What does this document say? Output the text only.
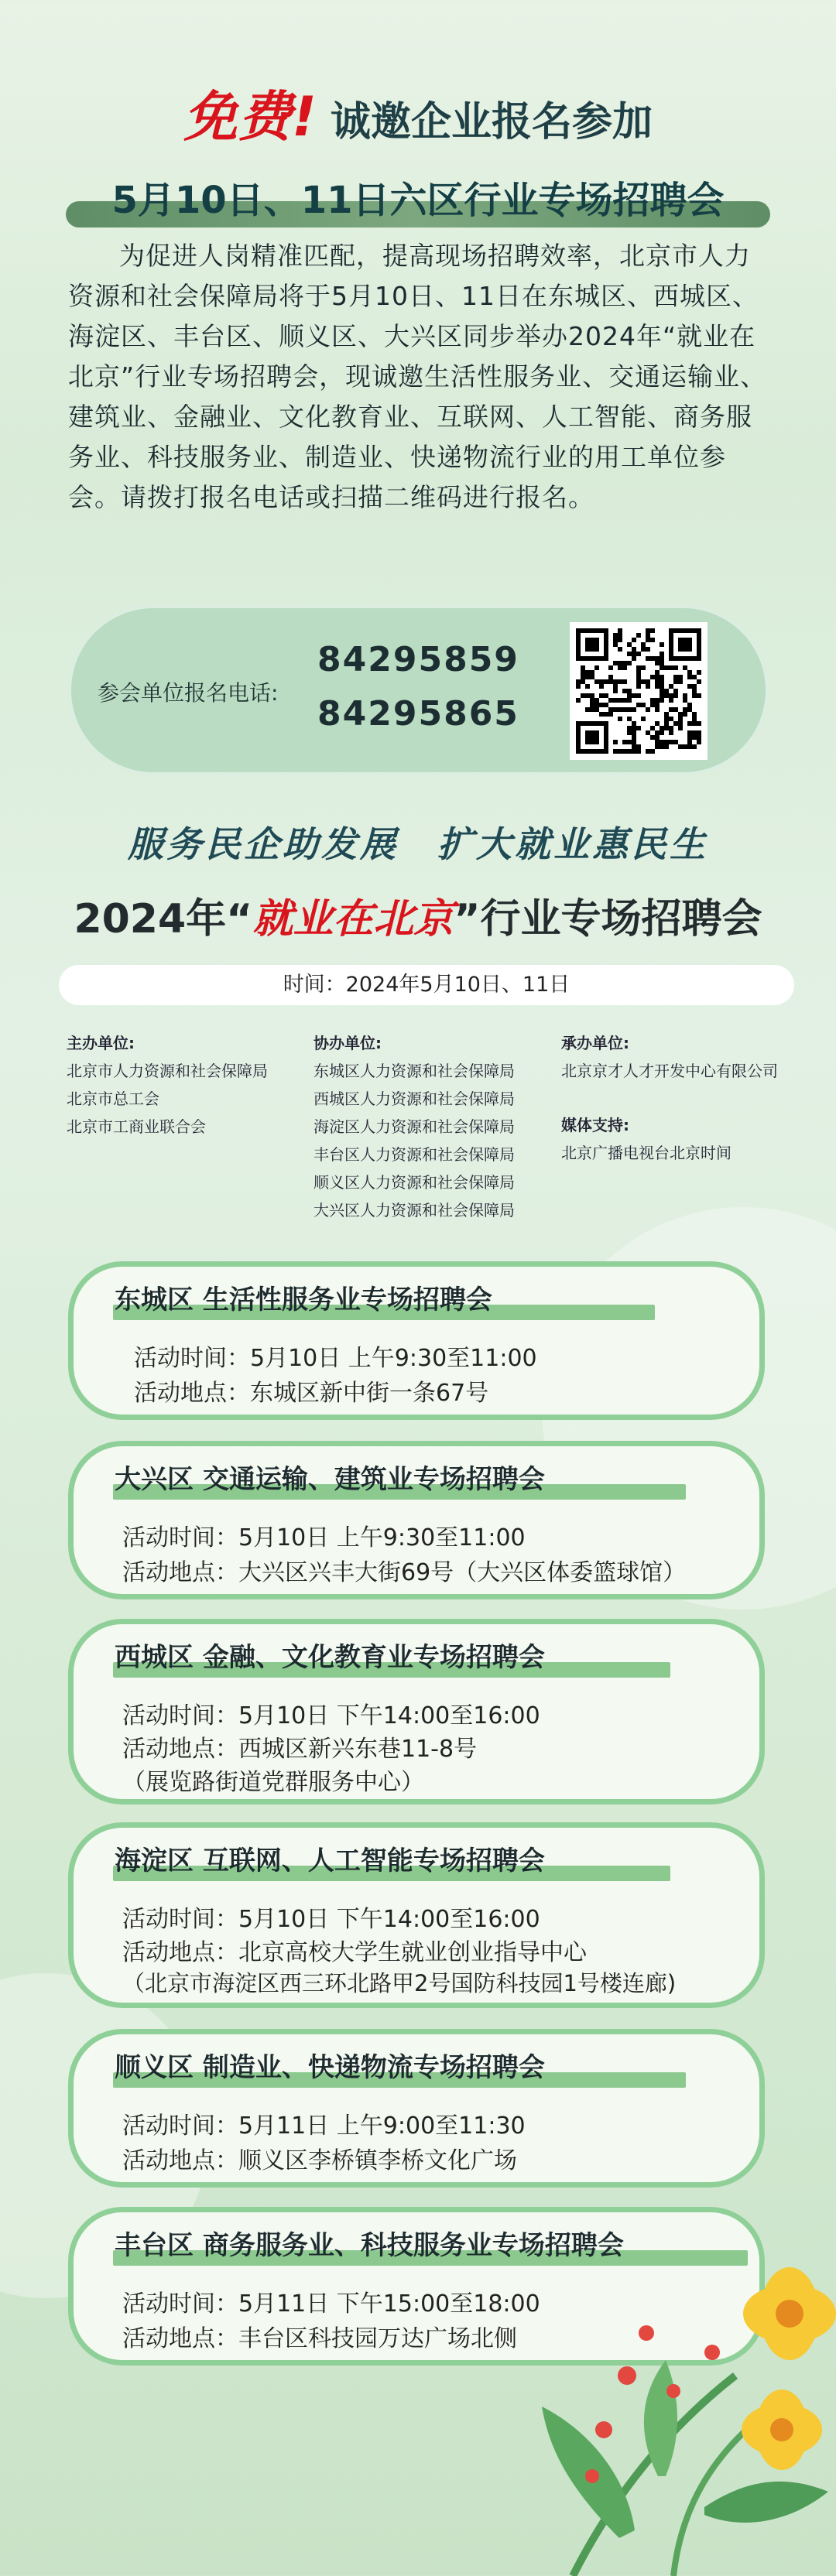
免费! 诚邀企业报名参加
5月10日、11日六区行业专场招聘会
为促进人岗精准匹配，提高现场招聘效率，北京市人力资源和社会保障局将于5月10日、11日在东城区、西城区、海淀区、丰台区、顺义区、大兴区同步举办2024年“就业在北京”行业专场招聘会，现诚邀生活性服务业、交通运输业、建筑业、金融业、文化教育业、互联网、人工智能、商务服务业、科技服务业、制造业、快递物流行业的用工单位参会。请拨打报名电话或扫描二维码进行报名。
参会单位报名电话:
84295859
84295865
服务民企助发展　扩大就业惠民生
2024年“就业在北京”行业专场招聘会
时间：2024年5月10日、11日
主办单位:
北京市人力资源和社会保障局
北京市总工会
北京市工商业联合会
协办单位:
东城区人力资源和社会保障局
西城区人力资源和社会保障局
海淀区人力资源和社会保障局
丰台区人力资源和社会保障局
顺义区人力资源和社会保障局
大兴区人力资源和社会保障局
承办单位:
北京京才人才开发中心有限公司
媒体支持:
北京广播电视台北京时间
东城区 生活性服务业专场招聘会
活动时间：5月10日 上午9:30至11:00
活动地点：东城区新中街一条67号
大兴区 交通运输、建筑业专场招聘会
活动时间：5月10日 上午9:30至11:00
活动地点：大兴区兴丰大街69号（大兴区体委篮球馆）
西城区 金融、文化教育业专场招聘会
活动时间：5月10日 下午14:00至16:00
活动地点：西城区新兴东巷11-8号
（展览路街道党群服务中心）
海淀区 互联网、人工智能专场招聘会
活动时间：5月10日 下午14:00至16:00
活动地点：北京高校大学生就业创业指导中心
（北京市海淀区西三环北路甲2号国防科技园1号楼连廊)
顺义区 制造业、快递物流专场招聘会
活动时间：5月11日 上午9:00至11:30
活动地点：顺义区李桥镇李桥文化广场
丰台区 商务服务业、科技服务业专场招聘会
活动时间：5月11日 下午15:00至18:00
活动地点：丰台区科技园万达广场北侧
